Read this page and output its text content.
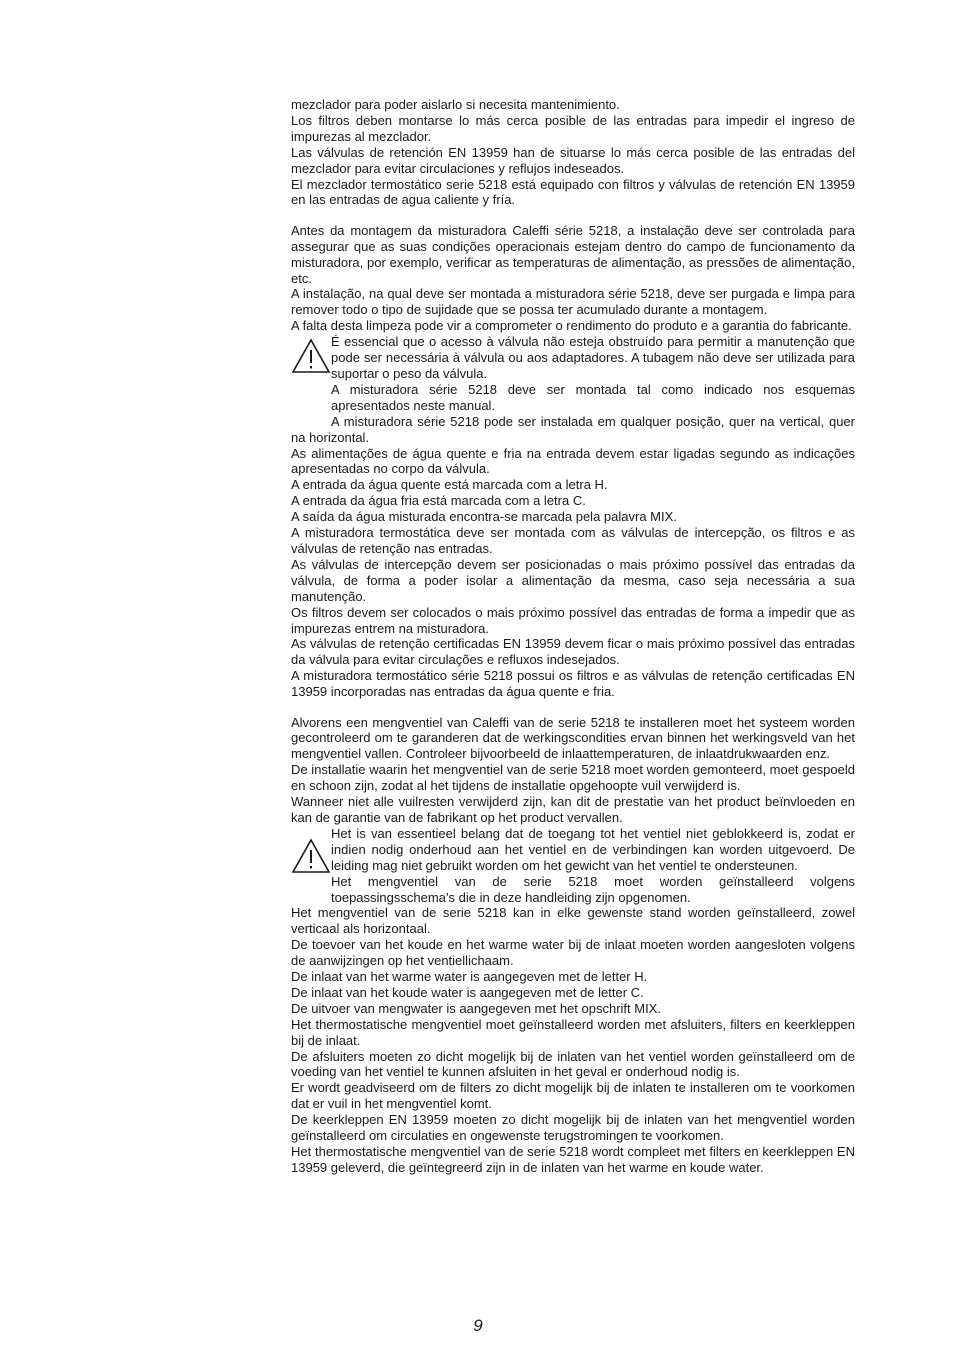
mezclador para poder aislarlo si necesita mantenimiento.

Los filtros deben montarse lo más cerca posible de las entradas para impedir el ingreso de impurezas al mezclador.

Las válvulas de retención EN 13959 han de situarse lo más cerca posible de las entradas del mezclador para evitar circulaciones y reflujos indeseados.

El mezclador termostático serie 5218 está equipado con filtros y válvulas de retención EN 13959 en las entradas de agua caliente y fría.

Antes da montagem da misturadora Caleffi série 5218, a instalação deve ser controlada para assegurar que as suas condições operacionais estejam dentro do campo de funcionamento da misturadora, por exemplo, verificar as temperaturas de alimentação, as pressões de alimentação, etc.

A instalação, na qual deve ser montada a misturadora série 5218, deve ser purgada e limpa para remover todo o tipo de sujidade que se possa ter acumulado durante a montagem.

A falta desta limpeza pode vir a comprometer o rendimento do produto e a garantia do fabricante.

É essencial que o acesso à válvula não esteja obstruído para permitir a manutenção que pode ser necessária à válvula ou aos adaptadores. A tubagem não deve ser utilizada para suportar o peso da válvula.

A misturadora série 5218 deve ser montada tal como indicado nos esquemas apresentados neste manual.

A misturadora série 5218 pode ser instalada em qualquer posição, quer na vertical, quer na horizontal.

As alimentações de água quente e fria na entrada devem estar ligadas segundo as indicações apresentadas no corpo da válvula.

A entrada da água quente está marcada com a letra H.

A entrada da água fria está marcada com a letra C.

A saída da água misturada encontra-se marcada pela palavra MIX.

A misturadora termostática deve ser montada com as válvulas de intercepção, os filtros e as válvulas de retenção nas entradas.

As válvulas de intercepção devem ser posicionadas o mais próximo possível das entradas da válvula, de forma a poder isolar a alimentação da mesma, caso seja necessária a sua manutenção.

Os filtros devem ser colocados o mais próximo possível das entradas de forma a impedir que as impurezas entrem na misturadora.

As válvulas de retenção certificadas EN 13959 devem ficar o mais próximo possível das entradas da válvula para evitar circulações e refluxos indesejados.

A misturadora termostático série 5218 possui os filtros e as válvulas de retenção certificadas EN 13959 incorporadas nas entradas da água quente e fria.

Alvorens een mengventiel van Caleffi van de serie 5218 te installeren moet het systeem worden gecontroleerd om te garanderen dat de werkingscondities ervan binnen het werkingsveld van het mengventiel vallen. Controleer bijvoorbeeld de inlaattemperaturen, de inlaatdrukwaarden enz.

De installatie waarin het mengventiel van de serie 5218 moet worden gemonteerd, moet gespoeld en schoon zijn, zodat al het tijdens de installatie opgehoopte vuil verwijderd is.

Wanneer niet alle vuilresten verwijderd zijn, kan dit de prestatie van het product beïnvloeden en kan de garantie van de fabrikant op het product vervallen.

Het is van essentieel belang dat de toegang tot het ventiel niet geblokkeerd is, zodat er indien nodig onderhoud aan het ventiel en de verbindingen kan worden uitgevoerd. De leiding mag niet gebruikt worden om het gewicht van het ventiel te ondersteunen.

Het mengventiel van de serie 5218 moet worden geïnstalleerd volgens toepassingsschema’s die in deze handleiding zijn opgenomen.

Het mengventiel van de serie 5218 kan in elke gewenste stand worden geïnstalleerd, zowel verticaal als horizontaal.

De toevoer van het koude en het warme water bij de inlaat moeten worden aangesloten volgens de aanwijzingen op het ventiellichaam.

De inlaat van het warme water is aangegeven met de letter H.

De inlaat van het koude water is aangegeven met de letter C.

De uitvoer van mengwater is aangegeven met het opschrift MIX.

Het thermostatische mengventiel moet geïnstalleerd worden met afsluiters, filters en keerkleppen bij de inlaat.

De afsluiters moeten zo dicht mogelijk bij de inlaten van het ventiel worden geïnstalleerd om de voeding van het ventiel te kunnen afsluiten in het geval er onderhoud nodig is.

Er wordt geadviseerd om de filters zo dicht mogelijk bij de inlaten te installeren om te voorkomen dat er vuil in het mengventiel komt.

De keerkleppen EN 13959 moeten zo dicht mogelijk bij de inlaten van het mengventiel worden geïnstalleerd om circulaties en ongewenste terugstromingen te voorkomen.

Het thermostatische mengventiel van de serie 5218 wordt compleet met filters en keerkleppen EN 13959 geleverd, die geïntegreerd zijn in de inlaten van het warme en koude water.

9
